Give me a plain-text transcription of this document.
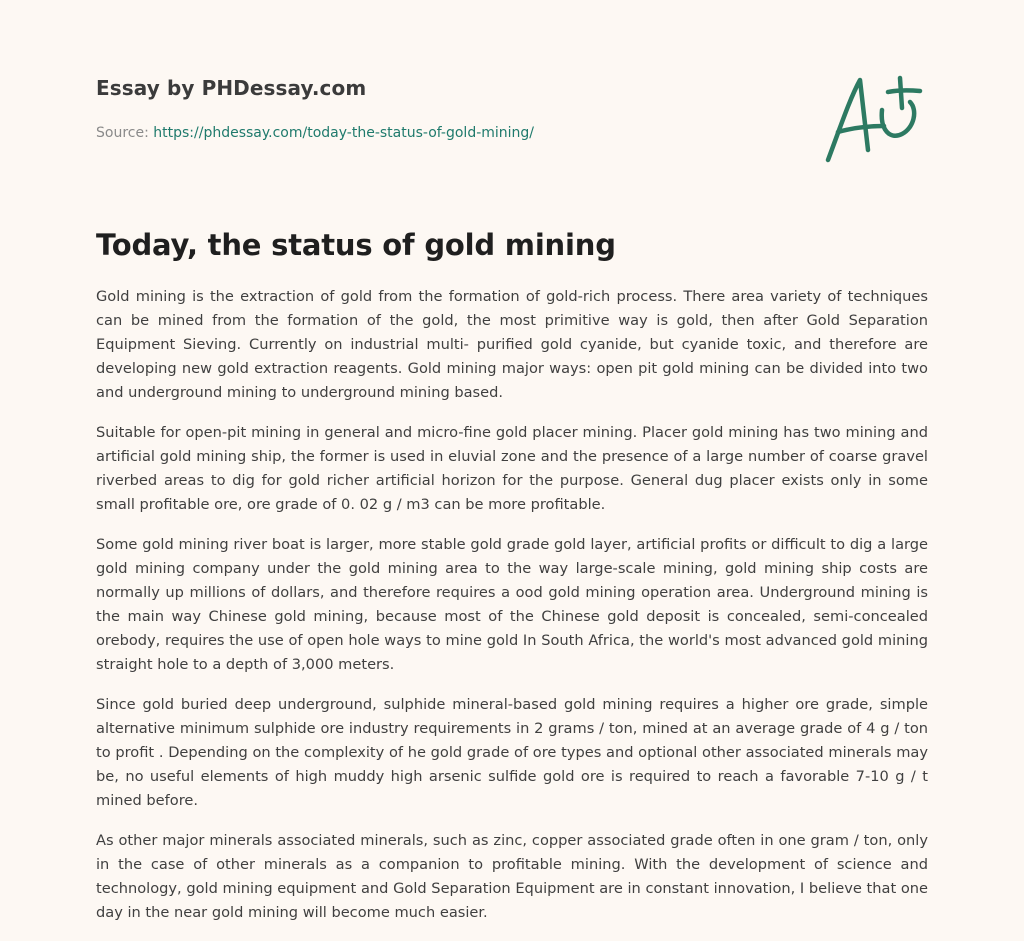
Essay by PHDessay.com
Source: https://phdessay.com/today-the-status-of-gold-mining/
Today, the status of gold mining

Gold mining is the extraction of gold from the formation of gold-rich process. There area variety of techniques can be mined from the formation of the gold, the most primitive way is gold, then after Gold Separation Equipment Sieving. Currently on industrial multi- purified gold cyanide, but cyanide toxic, and therefore are developing new gold extraction reagents. Gold mining major ways: open pit gold mining can be divided into two and underground mining to underground mining based.

Suitable for open-pit mining in general and micro-fine gold placer mining. Placer gold mining has two mining and artificial gold mining ship, the former is used in eluvial zone and the presence of a large number of coarse gravel riverbed areas to dig for gold richer artificial horizon for the purpose. General dug placer exists only in some small profitable ore, ore grade of 0. 02 g / m3 can be more profitable.

Some gold mining river boat is larger, more stable gold grade gold layer, artificial profits or difficult to dig a large gold mining company under the gold mining area to the way large-scale mining, gold mining ship costs are normally up millions of dollars, and therefore requires a ood gold mining operation area. Underground mining is the main way Chinese gold mining, because most of the Chinese gold deposit is concealed, semi-concealed orebody, requires the use of open hole ways to mine gold In South Africa, the world's most advanced gold mining straight hole to a depth of 3,000 meters.

Since gold buried deep underground, sulphide mineral-based gold mining requires a higher ore grade, simple alternative minimum sulphide ore industry requirements in 2 grams / ton, mined at an average grade of 4 g / ton to profit . Depending on the complexity of he gold grade of ore types and optional other associated minerals may be, no useful elements of high muddy high arsenic sulfide gold ore is required to reach a favorable 7-10 g / t mined before.

As other major minerals associated minerals, such as zinc, copper associated grade often in one gram / ton, only in the case of other minerals as a companion to profitable mining. With the development of science and technology, gold mining equipment and Gold Separation Equipment are in constant innovation, I believe that one day in the near gold mining will become much easier.
